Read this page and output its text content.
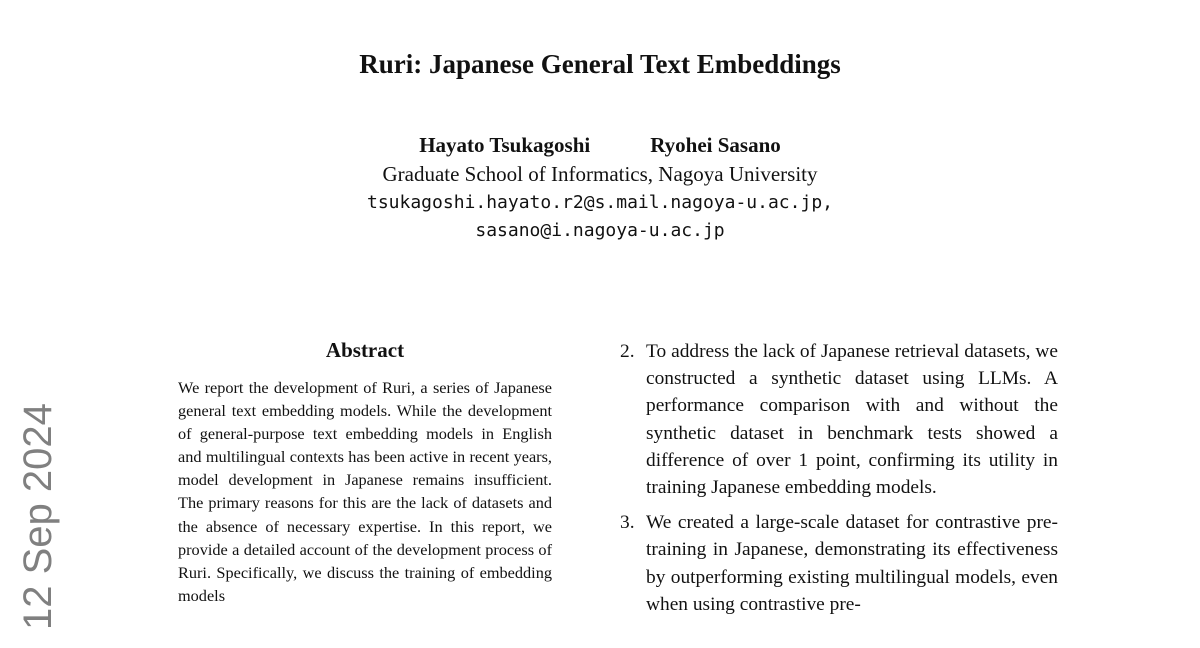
Ruri: Japanese General Text Embeddings
Hayato Tsukagoshi	Ryohei Sasano
Graduate School of Informatics, Nagoya University
tsukagoshi.hayato.r2@s.mail.nagoya-u.ac.jp,
sasano@i.nagoya-u.ac.jp
12 Sep 2024
Abstract
We report the development of Ruri, a series of Japanese general text embedding models. While the development of general-purpose text embedding models in English and multilingual contexts has been active in recent years, model development in Japanese remains insufficient. The primary reasons for this are the lack of datasets and the absence of necessary expertise. In this report, we provide a detailed account of the development process of Ruri. Specifically, we discuss the training of embedding models
2. To address the lack of Japanese retrieval datasets, we constructed a synthetic dataset using LLMs. A performance comparison with and without the synthetic dataset in benchmark tests showed a difference of over 1 point, confirming its utility in training Japanese embedding models.
3. We created a large-scale dataset for contrastive pre-training in Japanese, demonstrating its effectiveness by outperforming existing multilingual models, even when using contrastive pre-
